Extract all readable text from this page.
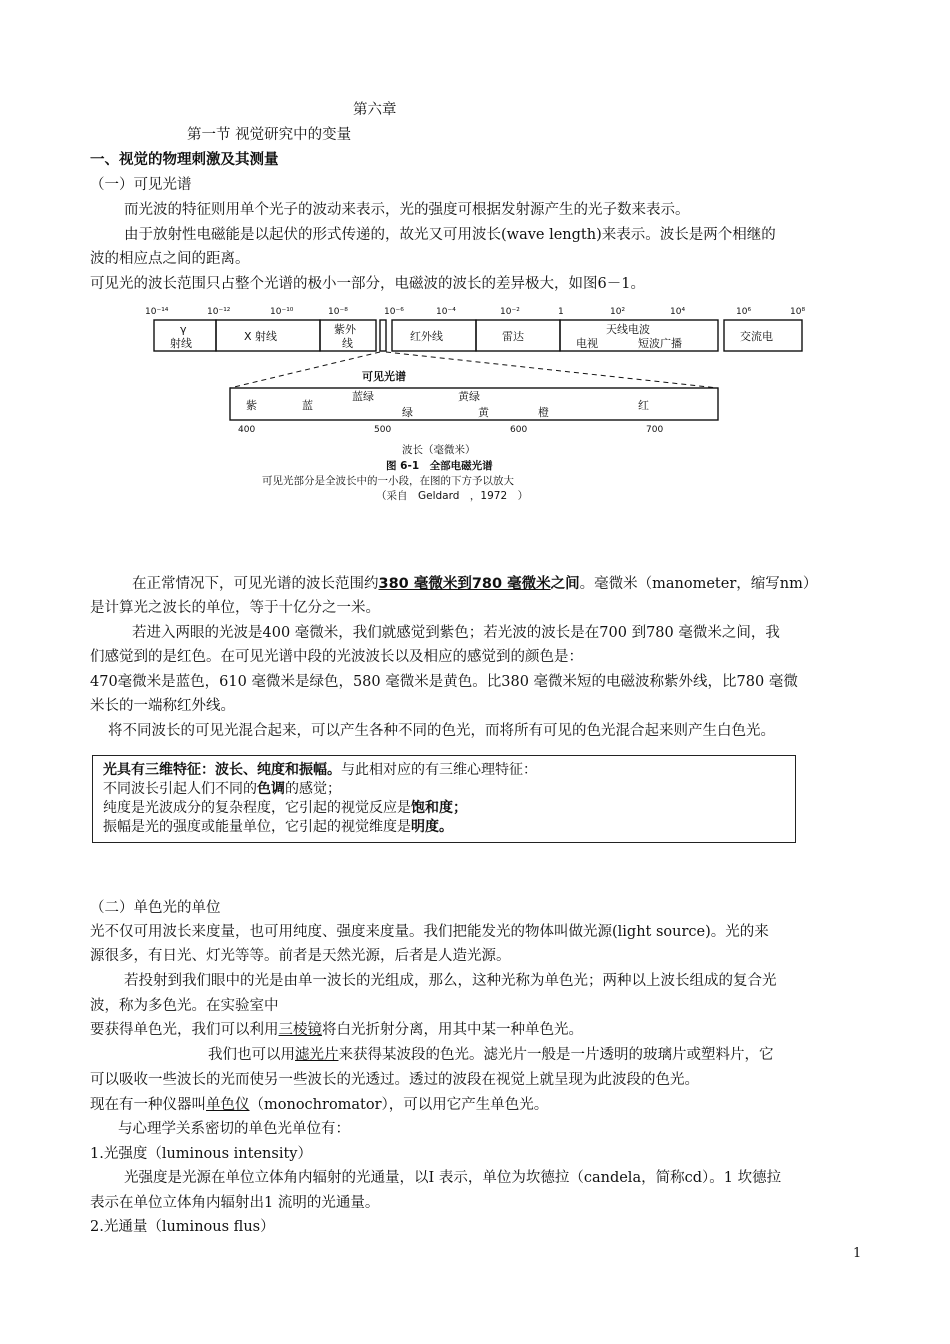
第六章
第一节 视觉研究中的变量
一、视觉的物理刺激及其测量
（一）可见光谱
而光波的特征则用单个光子的波动来表示，光的强度可根据发射源产生的光子数来表示。
由于放射性电磁能是以起伏的形式传递的，故光又可用波长(wave length)来表示。波长是两个相继的
波的相应点之间的距离。
可见光的波长范围只占整个光谱的极小一部分，电磁波的波长的差异极大，如图6－1。
10⁻¹⁴	10⁻¹²	10⁻¹⁰	10⁻⁸	10⁻⁶	10⁻⁴	10⁻²	1	10²	10⁴	10⁶	10⁸
γ
射线
X 射线
紫外
线
红外线	雷达
天线电波
电视	短波广播
交流电
可见光谱
紫	蓝
蓝绿
绿
黄绿
黄	橙
红
400	500	600	700
波长（毫微米）
图 6-1　全部电磁光谱
可见光部分是全波长中的一小段，在图的下方予以放大
（采自　Geldard　，1972　）
在正常情况下，可见光谱的波长范围约380 毫微米到780 毫微米之间。毫微米（manometer，缩写nm）
是计算光之波长的单位，等于十亿分之一米。
若进入两眼的光波是400 毫微米，我们就感觉到紫色；若光波的波长是在700 到780 毫微米之间，我
们感觉到的是红色。在可见光谱中段的光波波长以及相应的感觉到的颜色是：
470毫微米是蓝色，610 毫微米是绿色，580 毫微米是黄色。比380 毫微米短的电磁波称紫外线，比780 毫微
米长的一端称红外线。
将不同波长的可见光混合起来，可以产生各种不同的色光，而将所有可见的色光混合起来则产生白色光。
光具有三维特征：波长、纯度和振幅。与此相对应的有三维心理特征：
不同波长引起人们不同的色调的感觉；
纯度是光波成分的复杂程度，它引起的视觉反应是饱和度；
振幅是光的强度或能量单位，它引起的视觉维度是明度。
（二）单色光的单位
光不仅可用波长来度量，也可用纯度、强度来度量。我们把能发光的物体叫做光源(light source)。光的来
源很多，有日光、灯光等等。前者是天然光源，后者是人造光源。
若投射到我们眼中的光是由单一波长的光组成，那么，这种光称为单色光；两种以上波长组成的复合光
波，称为多色光。在实验室中
要获得单色光，我们可以利用三棱镜将白光折射分离，用其中某一种单色光。
我们也可以用滤光片来获得某波段的色光。滤光片一般是一片透明的玻璃片或塑料片，它
可以吸收一些波长的光而使另一些波长的光透过。透过的波段在视觉上就呈现为此波段的色光。
现在有一种仪器叫单色仪（monochromator），可以用它产生单色光。
与心理学关系密切的单色光单位有：
1.光强度（luminous intensity）
光强度是光源在单位立体角内辐射的光通量，以I 表示，单位为坎德拉（candela，简称cd）。1 坎德拉
表示在单位立体角内辐射出1 流明的光通量。
2.光通量（luminous flus）
1
